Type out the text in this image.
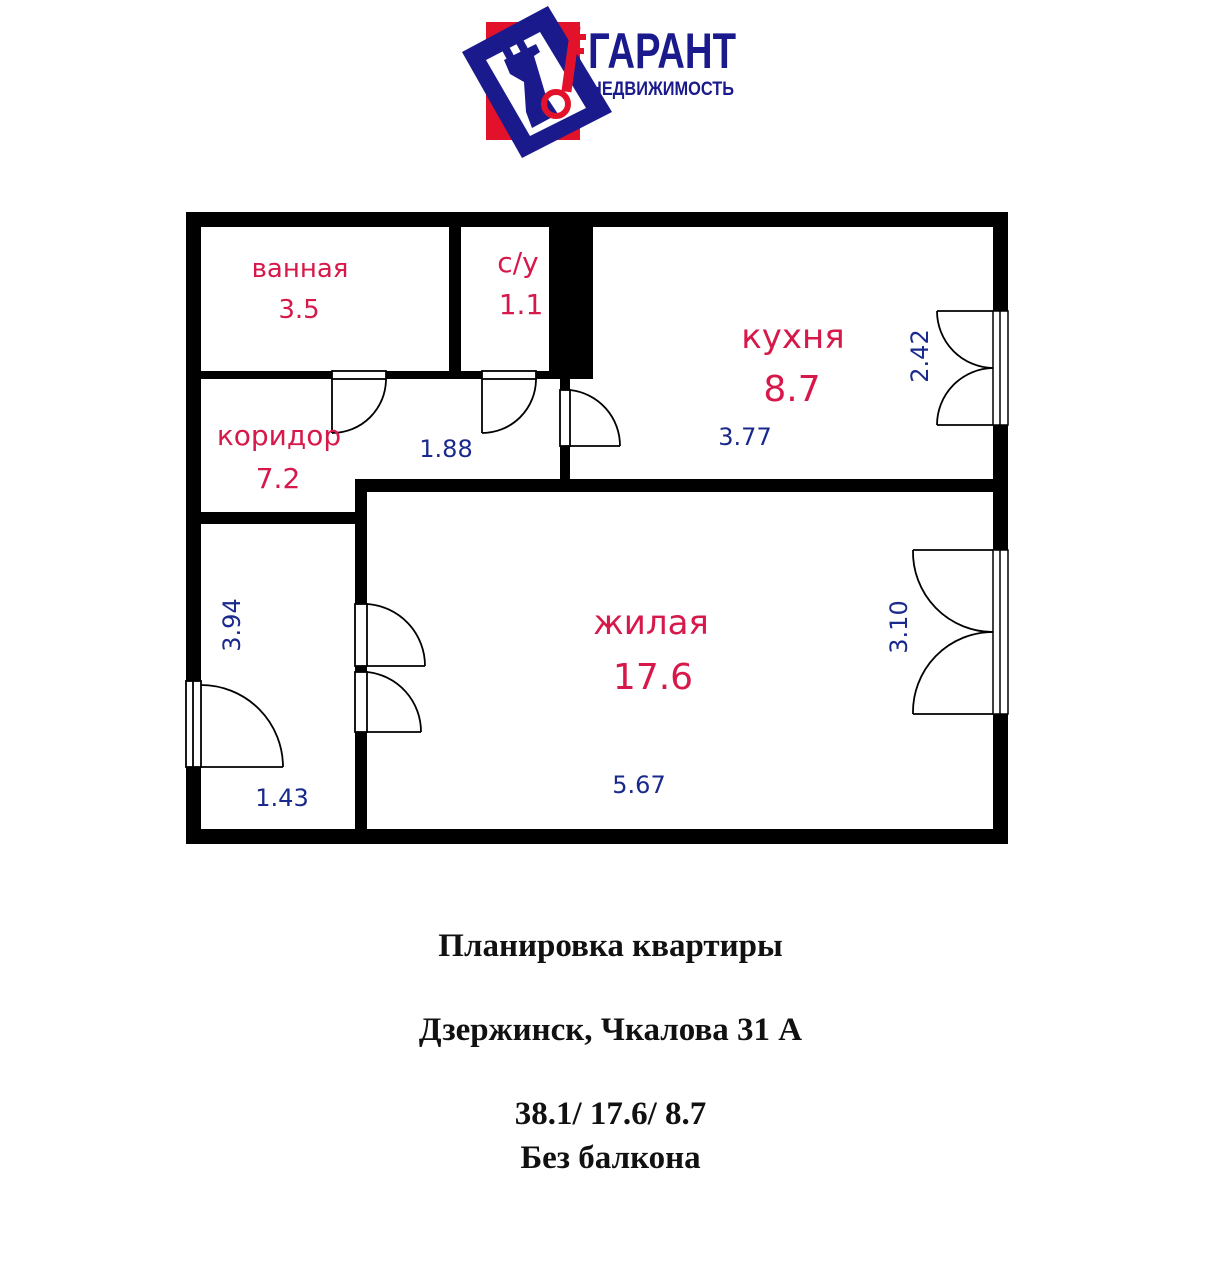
ГАРАНТ
НЕДВИЖИМОСТЬ
ванная
3.5
с/у
1.1
кухня
8.7
коридор
7.2
жилая
17.6
3.77
1.88
1.43	5.67
2.42
3.94	3.10
Планировка квартиры
Дзержинск, Чкалова 31 А
38.1/ 17.6/ 8.7
Без балкона
